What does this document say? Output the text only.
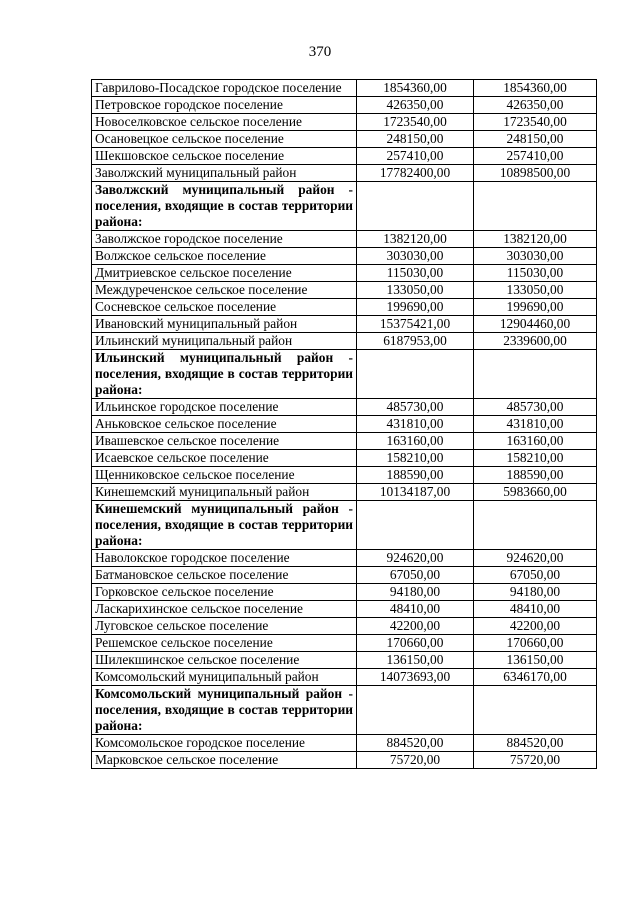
370
Гаврилово-Посадское городское поселение	1854360,00	1854360,00
Петровское городское поселение	426350,00	426350,00
Новоселковское сельское поселение	1723540,00	1723540,00
Осановецкое сельское поселение	248150,00	248150,00
Шекшовское сельское поселение	257410,00	257410,00
Заволжский муниципальный район	17782400,00	10898500,00
Заволжский муниципальный район - поселения, входящие в состав территории района:		
Заволжское городское поселение	1382120,00	1382120,00
Волжское сельское поселение	303030,00	303030,00
Дмитриевское сельское поселение	115030,00	115030,00
Междуреченское сельское поселение	133050,00	133050,00
Сосневское сельское поселение	199690,00	199690,00
Ивановский муниципальный район	15375421,00	12904460,00
Ильинский муниципальный район	6187953,00	2339600,00
Ильинский муниципальный район - поселения, входящие в состав территории района:		
Ильинское городское поселение	485730,00	485730,00
Аньковское сельское поселение	431810,00	431810,00
Ивашевское сельское поселение	163160,00	163160,00
Исаевское сельское поселение	158210,00	158210,00
Щенниковское сельское поселение	188590,00	188590,00
Кинешемский муниципальный район	10134187,00	5983660,00
Кинешемский муниципальный район - поселения, входящие в состав территории района:		
Наволокское городское поселение	924620,00	924620,00
Батмановское сельское поселение	67050,00	67050,00
Горковское сельское поселение	94180,00	94180,00
Ласкарихинское сельское поселение	48410,00	48410,00
Луговское сельское поселение	42200,00	42200,00
Решемское сельское поселение	170660,00	170660,00
Шилекшинское сельское поселение	136150,00	136150,00
Комсомольский муниципальный район	14073693,00	6346170,00
Комсомольский муниципальный район - поселения, входящие в состав территории района:		
Комсомольское городское поселение	884520,00	884520,00
Марковское сельское поселение	75720,00	75720,00
